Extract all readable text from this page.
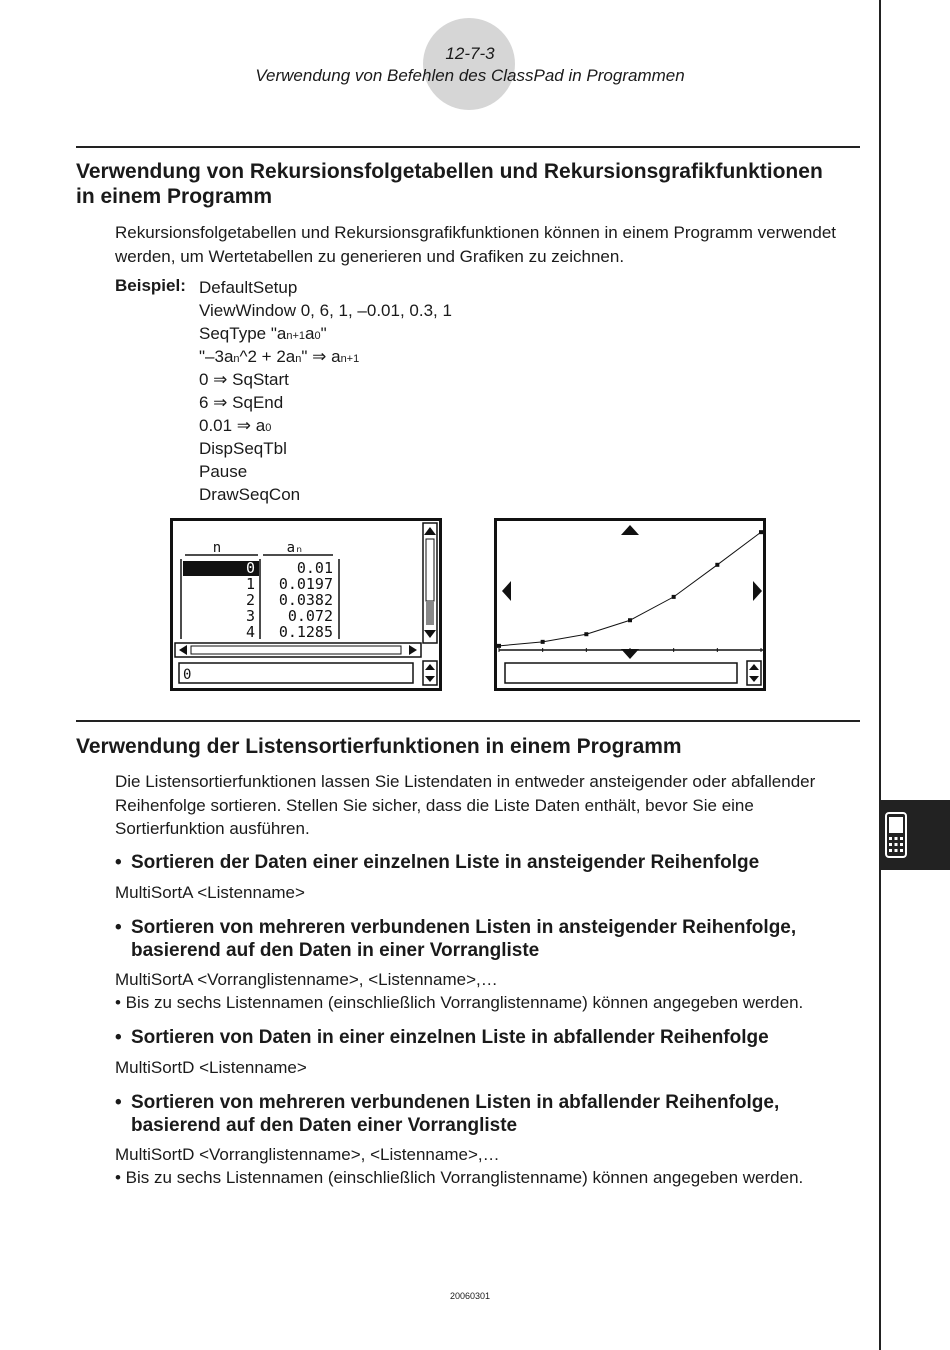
12-7-3
Verwendung von Befehlen des ClassPad in Programmen
Verwendung von Rekursionsfolgetabellen und Rekursionsgrafikfunktionen
in einem Programm
Rekursionsfolgetabellen und Rekursionsgrafikfunktionen können in einem Programm verwendet
werden, um Wertetabellen zu generieren und Grafiken zu zeichnen.
Beispiel: DefaultSetup
ViewWindow 0, 6, 1, –0.01, 0.3, 1
SeqType "an+1a0"
"–3an^2 + 2an" ⇒ an+1
0 ⇒ SqStart
6 ⇒ SqEnd
0.01 ⇒ a0
DispSeqTbl
Pause
DrawSeqCon
n	aₙ
0	0.01
1 0.0197
2 0.0382
3 0.072
4 0.1285
0
Verwendung der Listensortierfunktionen in einem Programm
Die Listensortierfunktionen lassen Sie Listendaten in entweder ansteigender oder abfallender
Reihenfolge sortieren. Stellen Sie sicher, dass die Liste Daten enthält, bevor Sie eine
Sortierfunktion ausführen.
• Sortieren der Daten einer einzelnen Liste in ansteigender Reihenfolge
MultiSortA <Listenname>
• Sortieren von mehreren verbundenen Listen in ansteigender Reihenfolge,
basierend auf den Daten in einer Vorrangliste
MultiSortA <Vorranglistenname>, <Listenname>,…
• Bis zu sechs Listennamen (einschließlich Vorranglistenname) können angegeben werden.
• Sortieren von Daten in einer einzelnen Liste in abfallender Reihenfolge
MultiSortD <Listenname>
• Sortieren von mehreren verbundenen Listen in abfallender Reihenfolge,
basierend auf den Daten einer Vorrangliste
MultiSortD <Vorranglistenname>, <Listenname>,…
• Bis zu sechs Listennamen (einschließlich Vorranglistenname) können angegeben werden.
20060301
